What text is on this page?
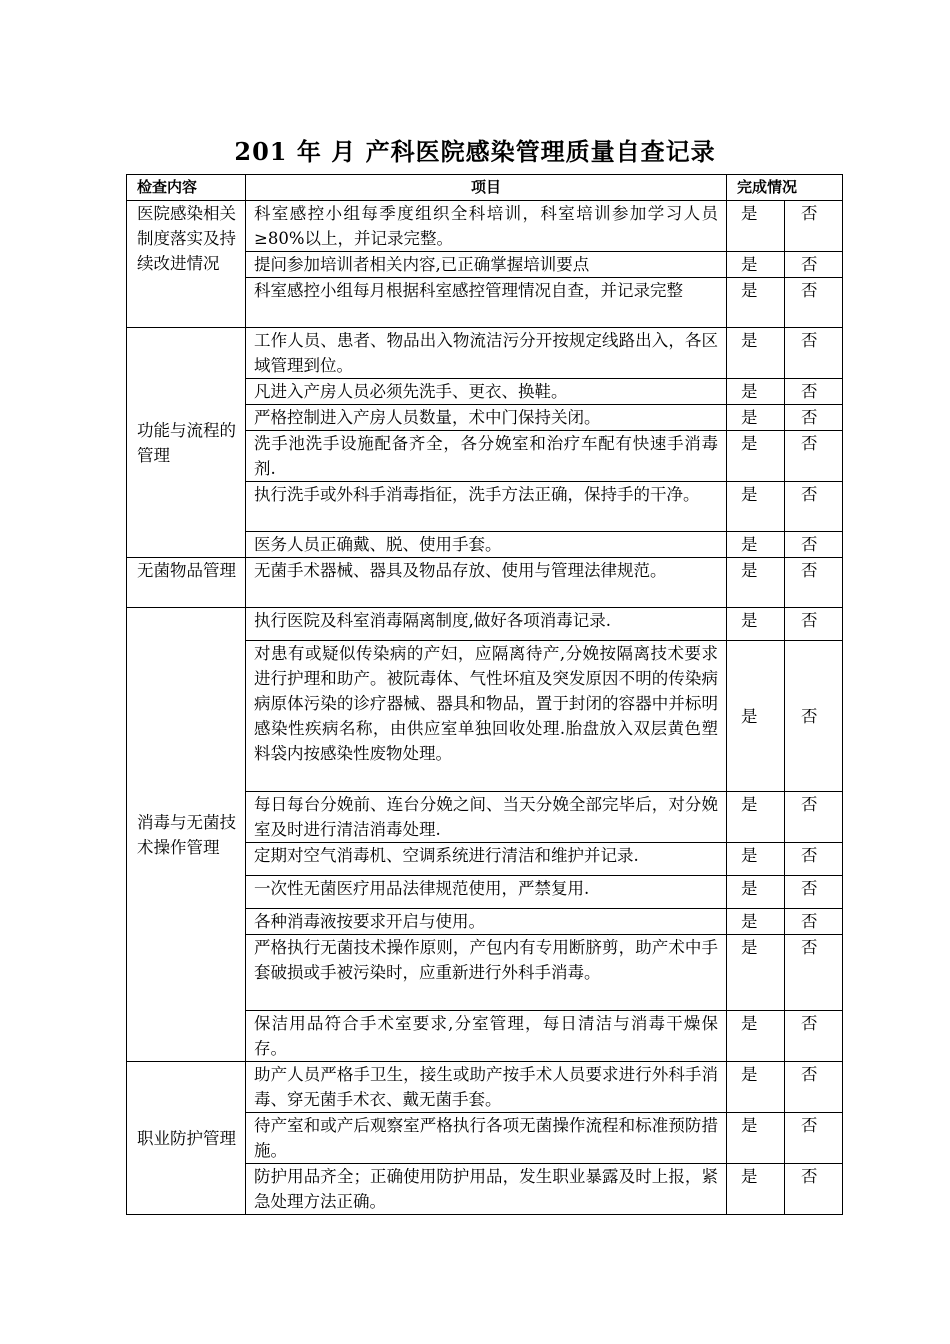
201 年 月 产科医院感染管理质量自查记录
检查内容	项目	完成情况	
医院感染相关制度落实及持续改进情况	科室感控小组每季度组织全科培训，科室培训参加学习人员≥80%以上，并记录完整。	是	否
	提问参加培训者相关内容,已正确掌握培训要点	是	否
	科室感控小组每月根据科室感控管理情况自查，并记录完整	是	否
功能与流程的管理	工作人员、患者、物品出入物流洁污分开按规定线路出入，各区域管理到位。	是	否
	凡进入产房人员必须先洗手、更衣、换鞋。	是	否
	严格控制进入产房人员数量，术中门保持关闭。	是	否
	洗手池洗手设施配备齐全，各分娩室和治疗车配有快速手消毒剂.	是	否
	执行洗手或外科手消毒指征，洗手方法正确，保持手的干净。	是	否
	医务人员正确戴、脱、使用手套。	是	否
无菌物品管理	无菌手术器械、器具及物品存放、使用与管理法律规范。	是	否
消毒与无菌技术操作管理	执行医院及科室消毒隔离制度,做好各项消毒记录.	是	否
	对患有或疑似传染病的产妇，应隔离待产,分娩按隔离技术要求进行护理和助产。被阮毒体、气性坏疽及突发原因不明的传染病病原体污染的诊疗器械、器具和物品，置于封闭的容器中并标明感染性疾病名称，由供应室单独回收处理.胎盘放入双层黄色塑料袋内按感染性废物处理。	是	否
	每日每台分娩前、连台分娩之间、当天分娩全部完毕后，对分娩室及时进行清洁消毒处理.	是	否
	定期对空气消毒机、空调系统进行清洁和维护并记录.	是	否
	一次性无菌医疗用品法律规范使用，严禁复用.	是	否
	各种消毒液按要求开启与使用。	是	否
	严格执行无菌技术操作原则，产包内有专用断脐剪，助产术中手套破损或手被污染时，应重新进行外科手消毒。	是	否
	保洁用品符合手术室要求,分室管理，每日清洁与消毒干燥保存。	是	否
职业防护管理	助产人员严格手卫生，接生或助产按手术人员要求进行外科手消毒、穿无菌手术衣、戴无菌手套。	是	否
	待产室和或产后观察室严格执行各项无菌操作流程和标准预防措施。	是	否
	防护用品齐全；正确使用防护用品，发生职业暴露及时上报，紧急处理方法正确。	是	否
